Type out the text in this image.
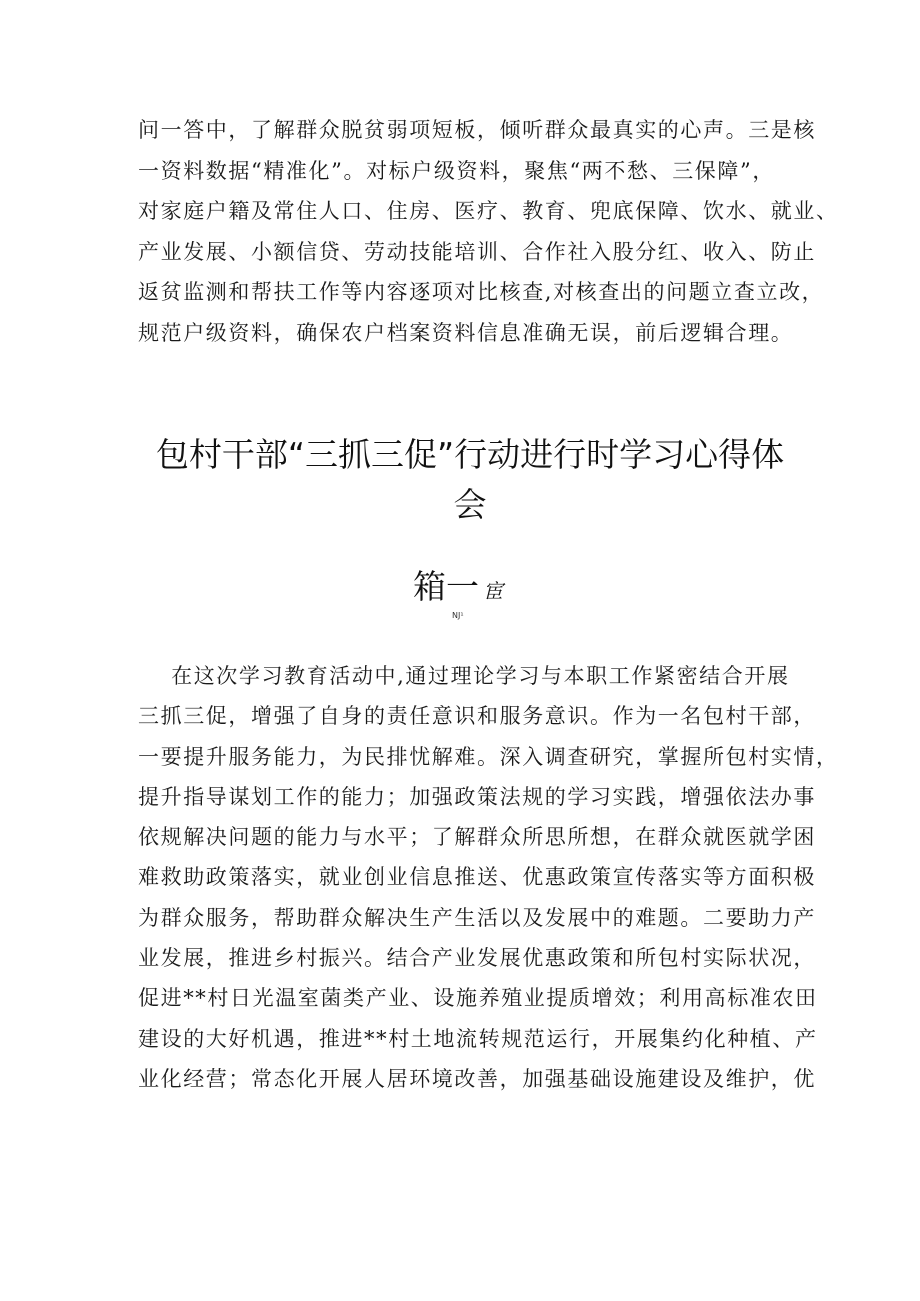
问一答中，了解群众脱贫弱项短板，倾听群众最真实的心声。三是核
一资料数据“精准化”。对标户级资料，聚焦“两不愁、三保障”，
对家庭户籍及常住人口、住房、医疗、教育、兜底保障、饮水、就业、
产业发展、小额信贷、劳动技能培训、合作社入股分红、收入、防止
返贫监测和帮扶工作等内容逐项对比核查,对核查出的问题立查立改，
规范户级资料，确保农户档案资料信息准确无误，前后逻辑合理。
包村干部“三抓三促”行动进行时学习心得体
会
箱一 宦
NJ¹
在这次学习教育活动中,通过理论学习与本职工作紧密结合开展
三抓三促，增强了自身的责任意识和服务意识。作为一名包村干部，
一要提升服务能力，为民排忧解难。深入调查研究，掌握所包村实情，
提升指导谋划工作的能力；加强政策法规的学习实践，增强依法办事
依规解决问题的能力与水平；了解群众所思所想，在群众就医就学困
难救助政策落实，就业创业信息推送、优惠政策宣传落实等方面积极
为群众服务，帮助群众解决生产生活以及发展中的难题。二要助力产
业发展，推进乡村振兴。结合产业发展优惠政策和所包村实际状况，
促进**村日光温室菌类产业、设施养殖业提质增效；利用高标准农田
建设的大好机遇，推进**村土地流转规范运行，开展集约化种植、产
业化经营；常态化开展人居环境改善，加强基础设施建设及维护，优
